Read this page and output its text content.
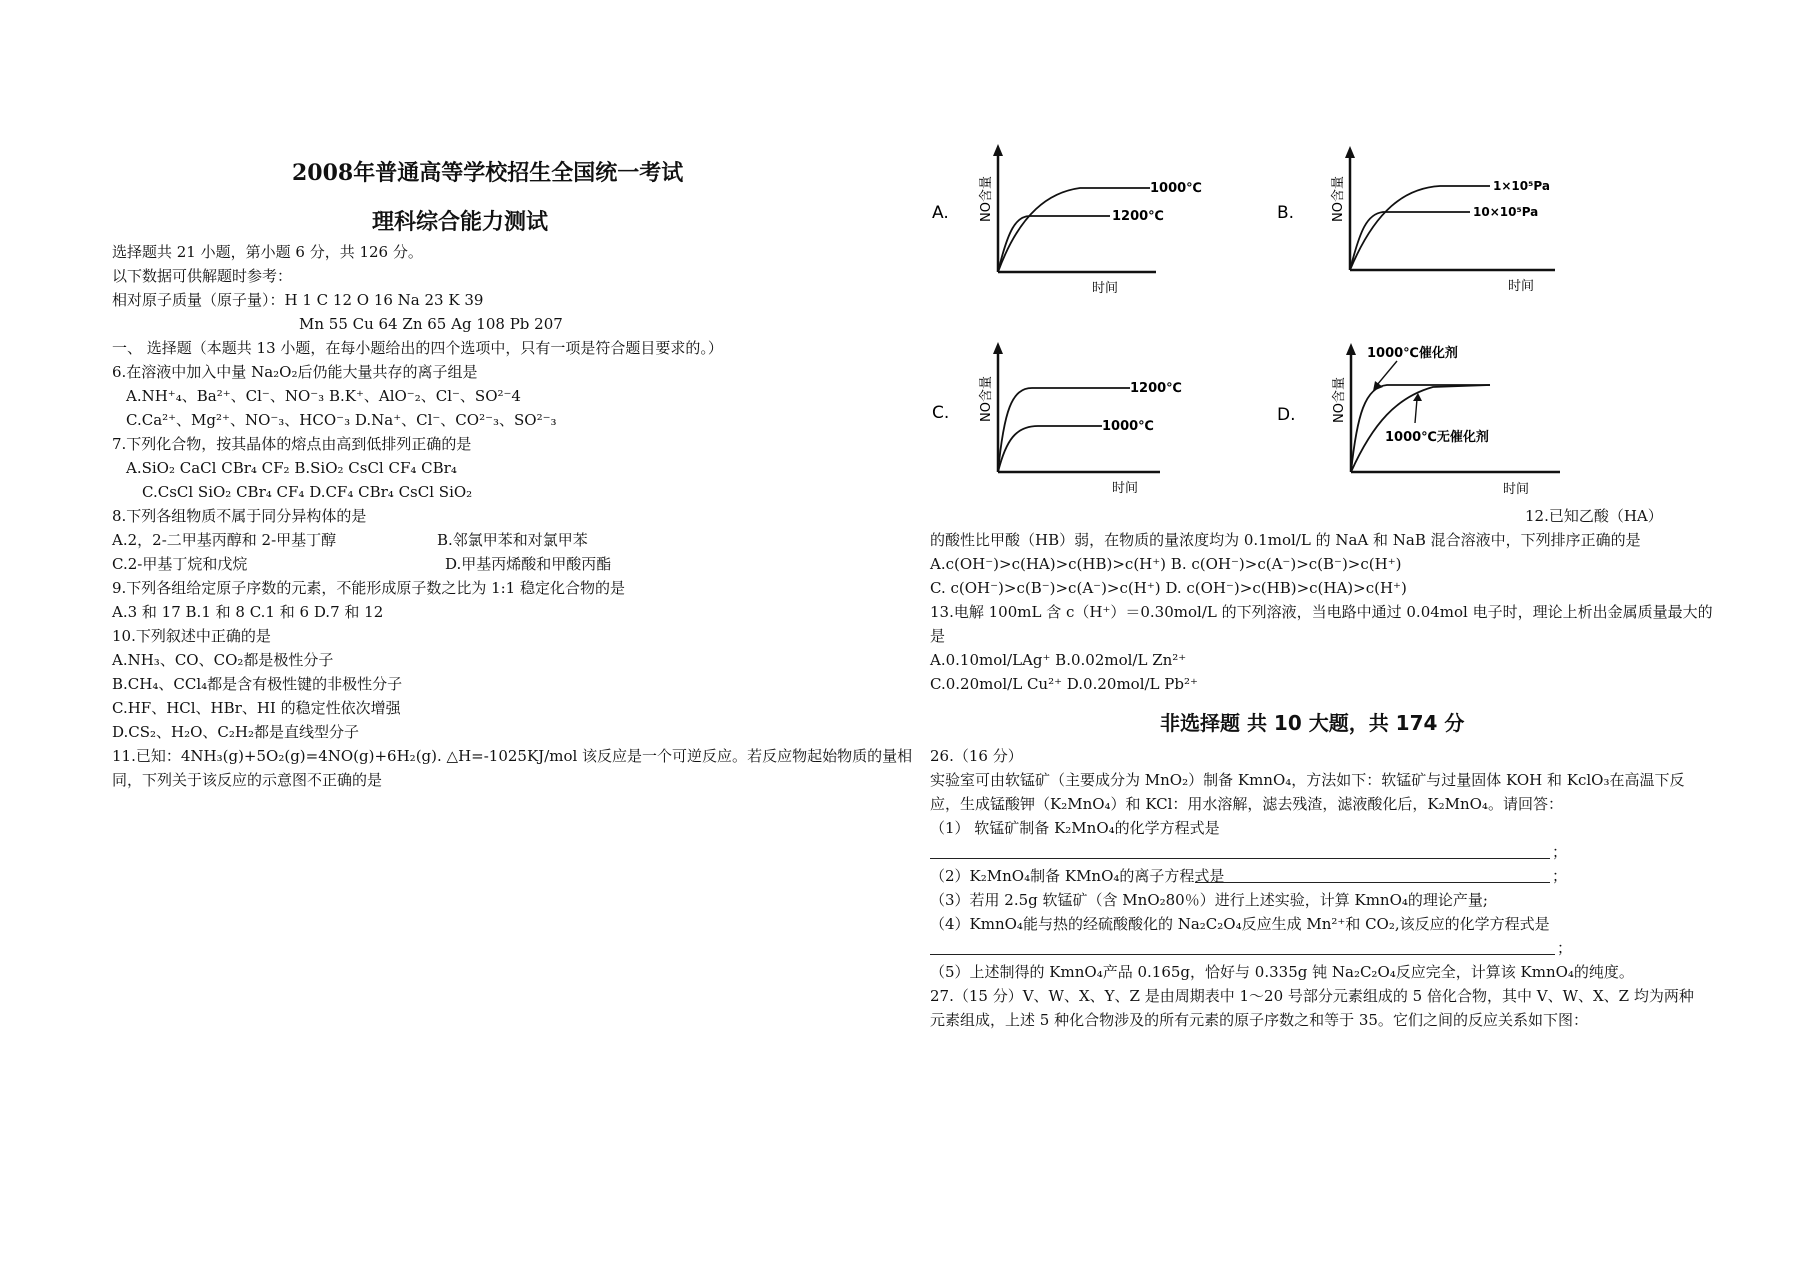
2008年普通高等学校招生全国统一考试
理科综合能力测试
选择题共 21 小题，第小题 6 分，共 126 分。
以下数据可供解题时参考：
相对原子质量（原子量）：H 1 C 12 O 16 Na 23 K 39
Mn 55 Cu 64 Zn 65 Ag 108 Pb 207
一、 选择题（本题共 13 小题，在每小题给出的四个选项中，只有一项是符合题目要求的。）
6.在溶液中加入中量 Na₂O₂后仍能大量共存的离子组是
A.NH⁺₄、Ba²⁺、Cl⁻、NO⁻₃ B.K⁺、AlO⁻₂、Cl⁻、SO²⁻4
C.Ca²⁺、Mg²⁺、NO⁻₃、HCO⁻₃ D.Na⁺、Cl⁻、CO²⁻₃、SO²⁻₃
7.下列化合物，按其晶体的熔点由高到低排列正确的是
A.SiO₂ CaCl CBr₄ CF₂ B.SiO₂ CsCl CF₄ CBr₄
C.CsCl SiO₂ CBr₄ CF₄ D.CF₄ CBr₄ CsCl SiO₂
8.下列各组物质不属于同分异构体的是
A.2，2-二甲基丙醇和 2-甲基丁醇	B.邻氯甲苯和对氯甲苯
C.2-甲基丁烷和戊烷	D.甲基丙烯酸和甲酸丙酯
9.下列各组给定原子序数的元素，不能形成原子数之比为 1:1 稳定化合物的是
A.3 和 17 B.1 和 8 C.1 和 6 D.7 和 12
10.下列叙述中正确的是
A.NH₃、CO、CO₂都是极性分子
B.CH₄、CCl₄都是含有极性键的非极性分子
C.HF、HCl、HBr、HI 的稳定性依次增强
D.CS₂、H₂O、C₂H₂都是直线型分子
11.已知：4NH₃(g)+5O₂(g)=4NO(g)+6H₂(g). △H=-1025KJ/mol 该反应是一个可逆反应。若反应物起始物质的量相
同，下列关于该反应的示意图不正确的是
A. NO含量
时间
1000℃
1200℃	B.	NO含量
时间
1×10⁵Pa
10×10⁵Pa
C. NO含量
时间
1200℃
1000℃
D.	NO含量
时间
1000℃催化剂
1000℃无催化剂
12.已知乙酸（HA）
的酸性比甲酸（HB）弱，在物质的量浓度均为 0.1mol/L 的 NaA 和 NaB 混合溶液中，下列排序正确的是
A.c(OH⁻)>c(HA)>c(HB)>c(H⁺) B. c(OH⁻)>c(A⁻)>c(B⁻)>c(H⁺)
C. c(OH⁻)>c(B⁻)>c(A⁻)>c(H⁺) D. c(OH⁻)>c(HB)>c(HA)>c(H⁺)
13.电解 100mL 含 c（H⁺）＝0.30mol/L 的下列溶液，当电路中通过 0.04mol 电子时，理论上析出金属质量最大的
是
A.0.10mol/LAg⁺ B.0.02mol/L Zn²⁺
C.0.20mol/L Cu²⁺ D.0.20mol/L Pb²⁺
非选择题 共 10 大题，共 174 分
26.（16 分）
实验室可由软锰矿（主要成分为 MnO₂）制备 KmnO₄，方法如下：软锰矿与过量固体 KOH 和 KclO₃在高温下反
应，生成锰酸钾（K₂MnO₄）和 KCl：用水溶解，滤去残渣，滤液酸化后，K₂MnO₄。请回答：
（1） 软锰矿制备 K₂MnO₄的化学方程式是
；
（2）K₂MnO₄制备 KMnO₄的离子方程式是	；
（3）若用 2.5g 软锰矿（含 MnO₂80％）进行上述实验，计算 KmnO₄的理论产量;
（4）KmnO₄能与热的经硫酸酸化的 Na₂C₂O₄反应生成 Mn²⁺和 CO₂,该反应的化学方程式是
；
（5）上述制得的 KmnO₄产品 0.165g，恰好与 0.335g 钝 Na₂C₂O₄反应完全，计算该 KmnO₄的纯度。
27.（15 分）V、W、X、Y、Z 是由周期表中 1～20 号部分元素组成的 5 倍化合物，其中 V、W、X、Z 均为两种
元素组成，上述 5 种化合物涉及的所有元素的原子序数之和等于 35。它们之间的反应关系如下图：
